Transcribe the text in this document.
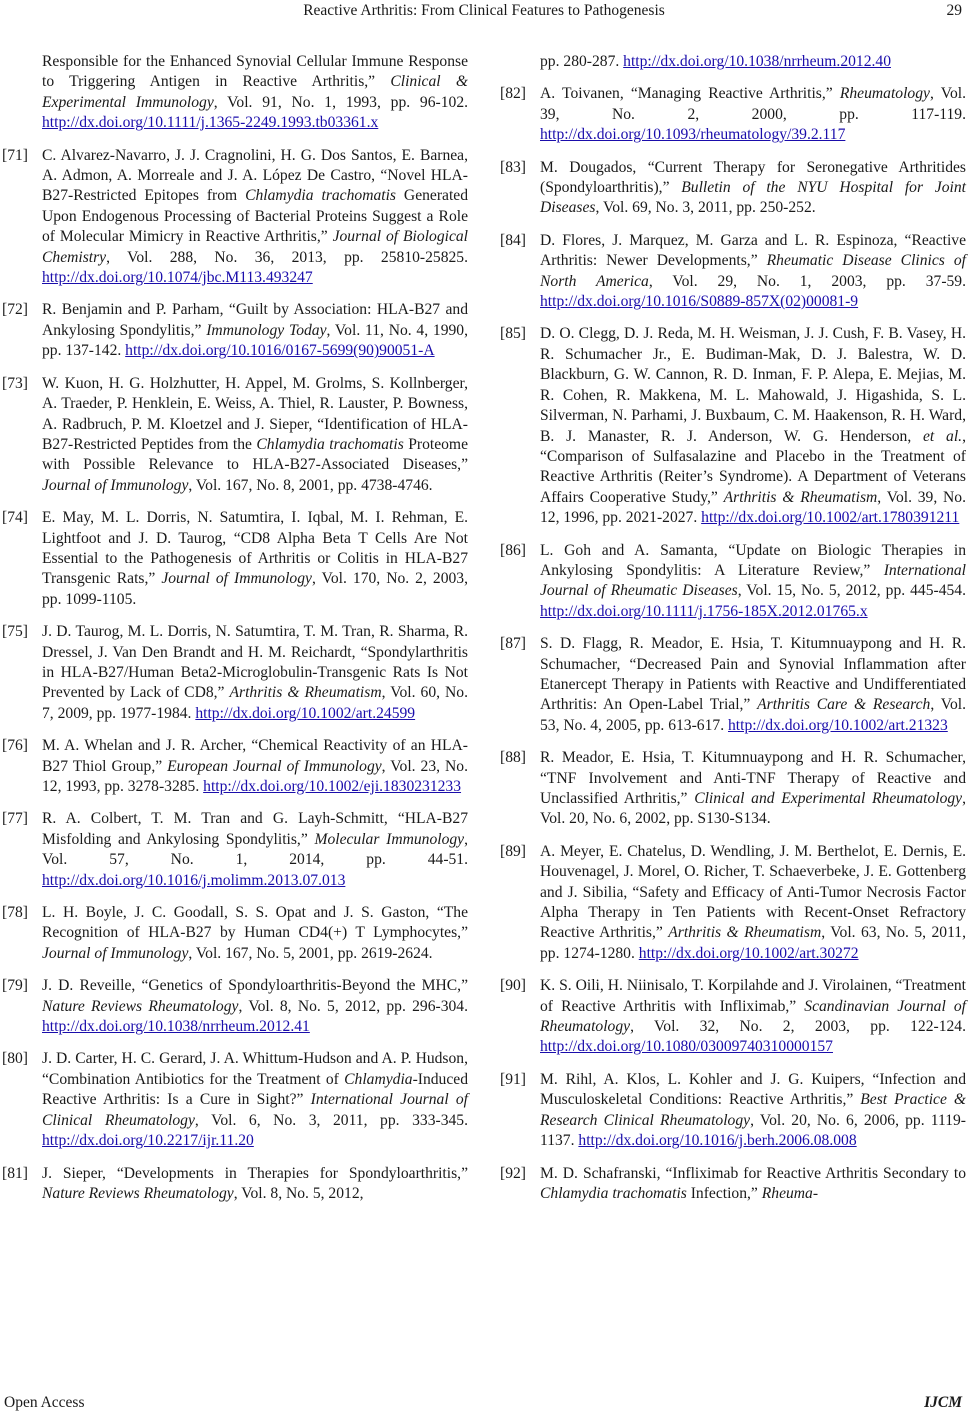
Reactive Arthritis: From Clinical Features to Pathogenesis	29
Responsible for the Enhanced Synovial Cellular Immune Response to Triggering Antigen in Reactive Arthritis,” Clinical & Experimental Immunology, Vol. 91, No. 1, 1993, pp. 96-102. http://dx.doi.org/10.1111/j.1365-2249.1993.tb03361.x
[71] C. Alvarez-Navarro, J. J. Cragnolini, H. G. Dos Santos, E. Barnea, A. Admon, A. Morreale and J. A. López De Castro, “Novel HLA-B27-Restricted Epitopes from Chlamydia trachomatis Generated Upon Endogenous Processing of Bacterial Proteins Suggest a Role of Molecular Mimicry in Reactive Arthritis,” Journal of Biological Chemistry, Vol. 288, No. 36, 2013, pp. 25810-25825. http://dx.doi.org/10.1074/jbc.M113.493247
[72] R. Benjamin and P. Parham, “Guilt by Association: HLA-B27 and Ankylosing Spondylitis,” Immunology Today, Vol. 11, No. 4, 1990, pp. 137-142. http://dx.doi.org/10.1016/0167-5699(90)90051-A
[73] W. Kuon, H. G. Holzhutter, H. Appel, M. Grolms, S. Kollnberger, A. Traeder, P. Henklein, E. Weiss, A. Thiel, R. Lauster, P. Bowness, A. Radbruch, P. M. Kloetzel and J. Sieper, “Identification of HLA-B27-Restricted Peptides from the Chlamydia trachomatis Proteome with Possible Relevance to HLA-B27-Associated Diseases,” Journal of Immunology, Vol. 167, No. 8, 2001, pp. 4738-4746.
[74] E. May, M. L. Dorris, N. Satumtira, I. Iqbal, M. I. Rehman, E. Lightfoot and J. D. Taurog, “CD8 Alpha Beta T Cells Are Not Essential to the Pathogenesis of Arthritis or Colitis in HLA-B27 Transgenic Rats,” Journal of Immunology, Vol. 170, No. 2, 2003, pp. 1099-1105.
[75] J. D. Taurog, M. L. Dorris, N. Satumtira, T. M. Tran, R. Sharma, R. Dressel, J. Van Den Brandt and H. M. Reichardt, “Spondylarthritis in HLA-B27/Human Beta2-Microglobulin-Transgenic Rats Is Not Prevented by Lack of CD8,” Arthritis & Rheumatism, Vol. 60, No. 7, 2009, pp. 1977-1984. http://dx.doi.org/10.1002/art.24599
[76] M. A. Whelan and J. R. Archer, “Chemical Reactivity of an HLA-B27 Thiol Group,” European Journal of Immunology, Vol. 23, No. 12, 1993, pp. 3278-3285. http://dx.doi.org/10.1002/eji.1830231233
[77] R. A. Colbert, T. M. Tran and G. Layh-Schmitt, “HLA-B27 Misfolding and Ankylosing Spondylitis,” Molecular Immunology, Vol. 57, No. 1, 2014, pp. 44-51. http://dx.doi.org/10.1016/j.molimm.2013.07.013
[78] L. H. Boyle, J. C. Goodall, S. S. Opat and J. S. Gaston, “The Recognition of HLA-B27 by Human CD4(+) T Lymphocytes,” Journal of Immunology, Vol. 167, No. 5, 2001, pp. 2619-2624.
[79] J. D. Reveille, “Genetics of Spondyloarthritis-Beyond the MHC,” Nature Reviews Rheumatology, Vol. 8, No. 5, 2012, pp. 296-304. http://dx.doi.org/10.1038/nrrheum.2012.41
[80] J. D. Carter, H. C. Gerard, J. A. Whittum-Hudson and A. P. Hudson, “Combination Antibiotics for the Treatment of Chlamydia-Induced Reactive Arthritis: Is a Cure in Sight?” International Journal of Clinical Rheumatology, Vol. 6, No. 3, 2011, pp. 333-345. http://dx.doi.org/10.2217/ijr.11.20
[81] J. Sieper, “Developments in Therapies for Spondyloarthritis,” Nature Reviews Rheumatology, Vol. 8, No. 5, 2012,
pp. 280-287. http://dx.doi.org/10.1038/nrrheum.2012.40
[82] A. Toivanen, “Managing Reactive Arthritis,” Rheumatology, Vol. 39, No. 2, 2000, pp. 117-119. http://dx.doi.org/10.1093/rheumatology/39.2.117
[83] M. Dougados, “Current Therapy for Seronegative Arthritides (Spondyloarthritis),” Bulletin of the NYU Hospital for Joint Diseases, Vol. 69, No. 3, 2011, pp. 250-252.
[84] D. Flores, J. Marquez, M. Garza and L. R. Espinoza, “Reactive Arthritis: Newer Developments,” Rheumatic Disease Clinics of North America, Vol. 29, No. 1, 2003, pp. 37-59. http://dx.doi.org/10.1016/S0889-857X(02)00081-9
[85] D. O. Clegg, D. J. Reda, M. H. Weisman, J. J. Cush, F. B. Vasey, H. R. Schumacher Jr., E. Budiman-Mak, D. J. Balestra, W. D. Blackburn, G. W. Cannon, R. D. Inman, F. P. Alepa, E. Mejias, M. R. Cohen, R. Makkena, M. L. Mahowald, J. Higashida, S. L. Silverman, N. Parhami, J. Buxbaum, C. M. Haakenson, R. H. Ward, B. J. Manaster, R. J. Anderson, W. G. Henderson, et al., “Comparison of Sulfasalazine and Placebo in the Treatment of Reactive Arthritis (Reiter’s Syndrome). A Department of Veterans Affairs Cooperative Study,” Arthritis & Rheumatism, Vol. 39, No. 12, 1996, pp. 2021-2027. http://dx.doi.org/10.1002/art.1780391211
[86] L. Goh and A. Samanta, “Update on Biologic Therapies in Ankylosing Spondylitis: A Literature Review,” International Journal of Rheumatic Diseases, Vol. 15, No. 5, 2012, pp. 445-454. http://dx.doi.org/10.1111/j.1756-185X.2012.01765.x
[87] S. D. Flagg, R. Meador, E. Hsia, T. Kitumnuaypong and H. R. Schumacher, “Decreased Pain and Synovial Inflammation after Etanercept Therapy in Patients with Reactive and Undifferentiated Arthritis: An Open-Label Trial,” Arthritis Care & Research, Vol. 53, No. 4, 2005, pp. 613-617. http://dx.doi.org/10.1002/art.21323
[88] R. Meador, E. Hsia, T. Kitumnuaypong and H. R. Schumacher, “TNF Involvement and Anti-TNF Therapy of Reactive and Unclassified Arthritis,” Clinical and Experimental Rheumatology, Vol. 20, No. 6, 2002, pp. S130-S134.
[89] A. Meyer, E. Chatelus, D. Wendling, J. M. Berthelot, E. Dernis, E. Houvenagel, J. Morel, O. Richer, T. Schaeverbeke, J. E. Gottenberg and J. Sibilia, “Safety and Efficacy of Anti-Tumor Necrosis Factor Alpha Therapy in Ten Patients with Recent-Onset Refractory Reactive Arthritis,” Arthritis & Rheumatism, Vol. 63, No. 5, 2011, pp. 1274-1280. http://dx.doi.org/10.1002/art.30272
[90] K. S. Oili, H. Niinisalo, T. Korpilahde and J. Virolainen, “Treatment of Reactive Arthritis with Infliximab,” Scandinavian Journal of Rheumatology, Vol. 32, No. 2, 2003, pp. 122-124. http://dx.doi.org/10.1080/03009740310000157
[91] M. Rihl, A. Klos, L. Kohler and J. G. Kuipers, “Infection and Musculoskeletal Conditions: Reactive Arthritis,” Best Practice & Research Clinical Rheumatology, Vol. 20, No. 6, 2006, pp. 1119-1137. http://dx.doi.org/10.1016/j.berh.2006.08.008
[92] M. D. Schafranski, “Infliximab for Reactive Arthritis Secondary to Chlamydia trachomatis Infection,” Rheuma-
Open Access	IJCM
